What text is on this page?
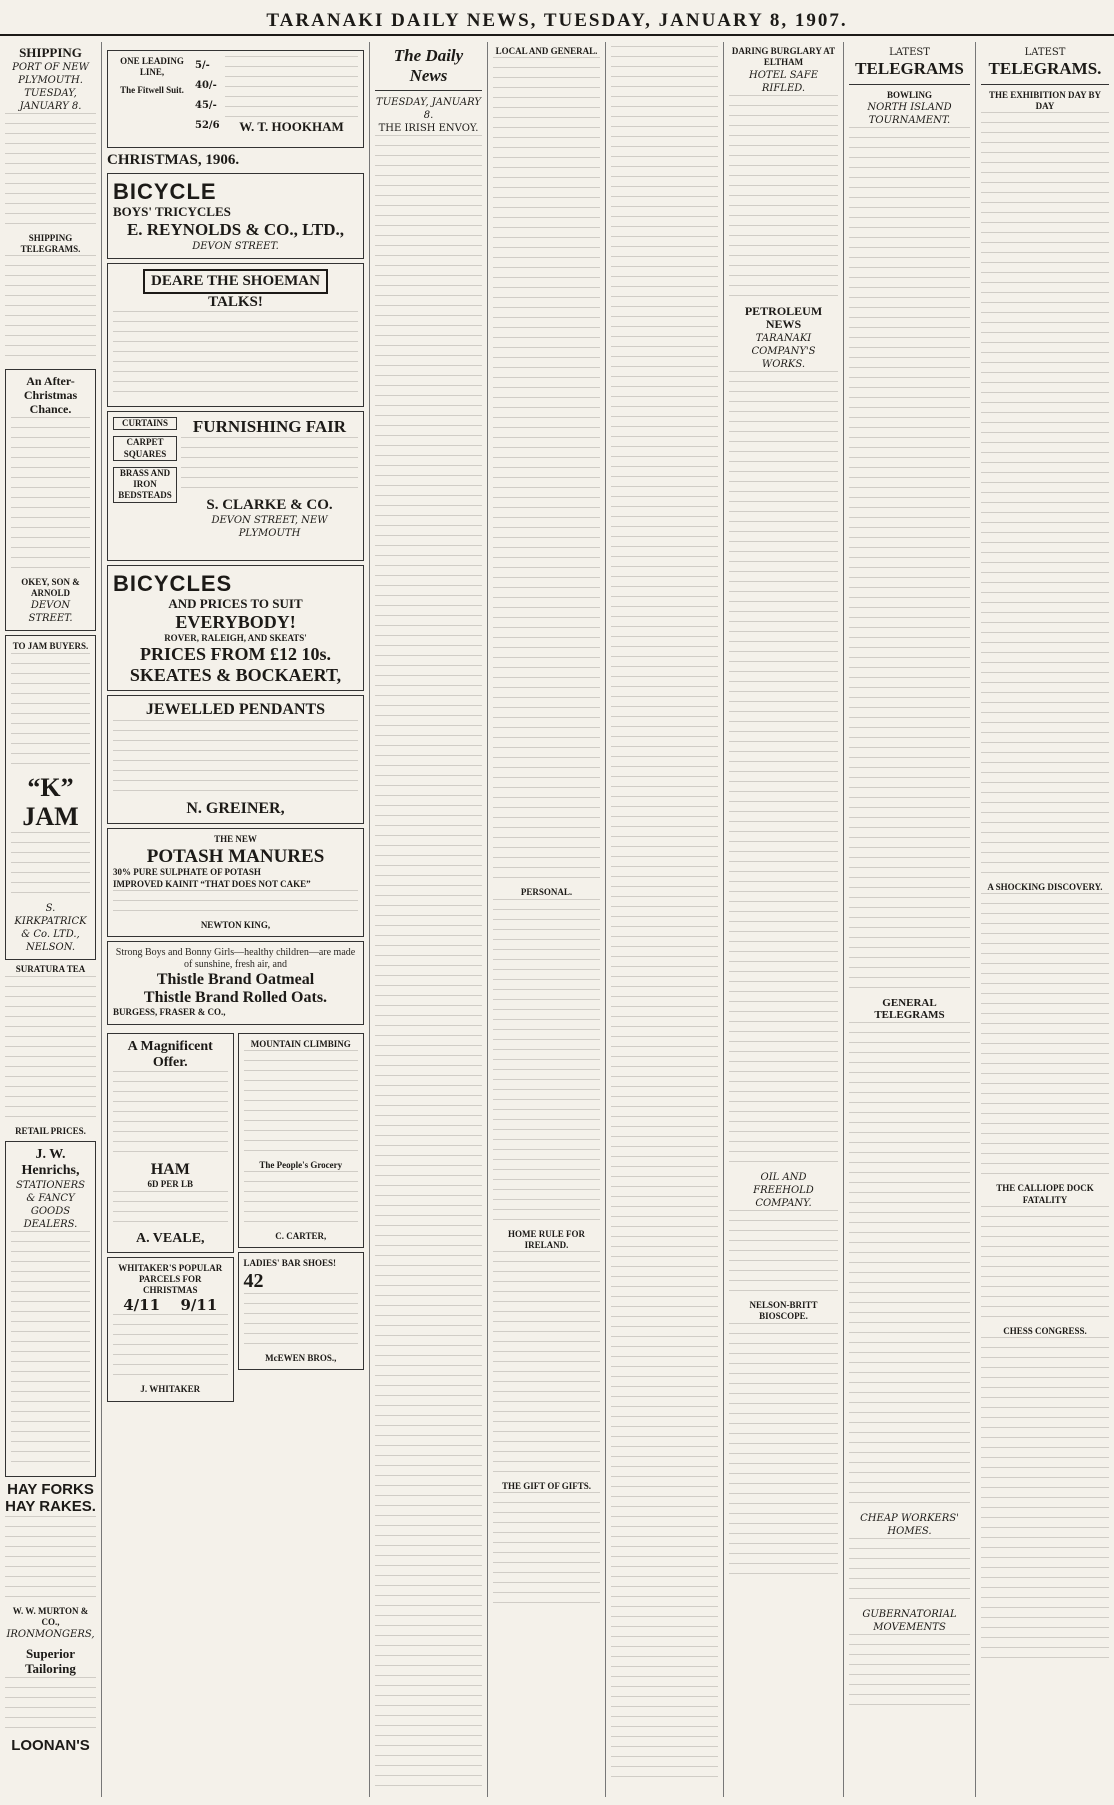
TARANAKI DAILY NEWS, TUESDAY, JANUARY 8, 1907.
SHIPPING
PORT OF NEW PLYMOUTH.
TUESDAY, JANUARY 8.
SHIPPING TELEGRAMS.
An After-Christmas Chance.
OKEY, SON & ARNOLD
DEVON STREET.
TO JAM BUYERS.
“K” JAM
S. KIRKPATRICK & Co. LTD., NELSON.
SURATURA TEA
RETAIL PRICES.
J. W. Henrichs,
STATIONERS & FANCY GOODS DEALERS.
HAY FORKS
HAY RAKES.
W. W. MURTON & CO.,
IRONMONGERS,
Superior Tailoring
LOONAN'S
ONE LEADING
LINE,
The Fitwell Suit.
5/-
40/-
45/-
52/6	W. T. HOOKHAM
CHRISTMAS, 1906.
BICYCLE
BOYS' TRICYCLES
E. REYNOLDS & CO., LTD.,
DEVON STREET.
DEARE THE SHOEMAN
TALKS!
CURTAINS
CARPET SQUARES
BRASS AND IRON BEDSTEADS
FURNISHING FAIR
S. CLARKE & CO.
DEVON STREET, NEW PLYMOUTH
BICYCLES
AND PRICES TO SUIT
EVERYBODY!
ROVER, RALEIGH, AND SKEATS'
PRICES FROM £12 10s.
SKEATES & BOCKAERT,
JEWELLED PENDANTS
N. GREINER,
THE NEW
POTASH MANURES
30% PURE SULPHATE OF POTASH
IMPROVED KAINIT “THAT DOES NOT CAKE”
NEWTON KING,
Strong Boys and Bonny Girls—healthy children—are made of sunshine, fresh air, and
Thistle Brand Oatmeal
Thistle Brand Rolled Oats.
BURGESS, FRASER & CO.,
A Magnificent Offer.
HAM
6D PER LB
A. VEALE,
WHITAKER'S POPULAR PARCELS FOR CHRISTMAS
4/11 9/11
J. WHITAKER
MOUNTAIN CLIMBING
The People's Grocery
C. CARTER,
LADIES' BAR SHOES!
42
McEWEN BROS.,
The Daily News
TUESDAY, JANUARY 8.
THE IRISH ENVOY.
LOCAL AND GENERAL.
PERSONAL.
HOME RULE FOR IRELAND.
THE GIFT OF GIFTS.
DARING BURGLARY AT ELTHAM
HOTEL SAFE RIFLED.
PETROLEUM NEWS
TARANAKI COMPANY'S WORKS.
OIL AND FREEHOLD COMPANY.
NELSON-BRITT BIOSCOPE.
LATEST
TELEGRAMS
BOWLING
NORTH ISLAND TOURNAMENT.
GENERAL TELEGRAMS
CHEAP WORKERS' HOMES.
GUBERNATORIAL MOVEMENTS
LATEST
TELEGRAMS.
THE EXHIBITION DAY BY DAY
A SHOCKING DISCOVERY.
THE CALLIOPE DOCK FATALITY
CHESS CONGRESS.
